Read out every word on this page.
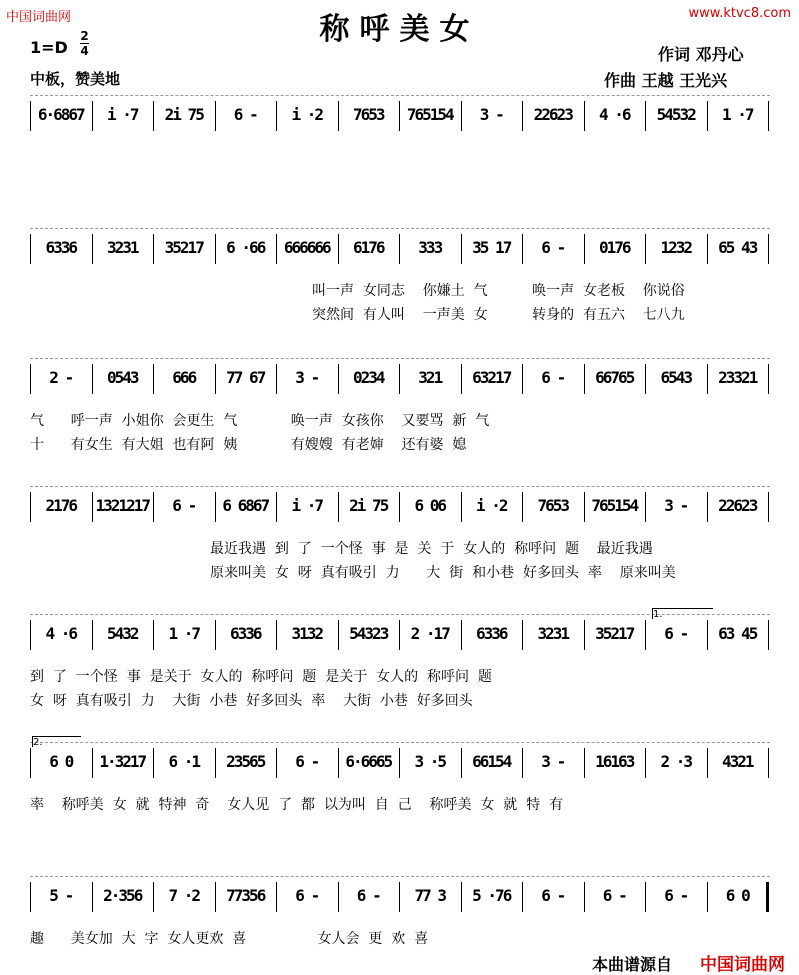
中国词曲网	www.ktvc8.com
称呼美女
1=D
2
4
中板，赞美地
作词 邓丹心
作曲 王越 王光兴
6·6867	i ·7	2i 75	6 -	i ·2	7653	765154	3 -	22623	4 ·6	54532	1 ·7
6336	3231	35217	6 ·66	666666	6176	333	35 17	6 -	0176	1232	65 43
叫一声  女同志    你嫌土  气          唤一声  女老板    你说俗
突然间  有人叫    一声美  女          转身的  有五六    七八九
2 -	0543	666	77 67	3 -	0234	321	63217	6 -	66765	6543	23321
气      呼一声  小姐你  会更生  气            唤一声  女孩你    又要骂  新  气
十      有女生  有大姐  也有阿  姨            有嫂嫂  有老婶    还有婆  媳
2176	1321217	6 -	6 6867	i ·7	2i 75	6 06	i ·2	7653	765154	3 -	22623
最近我遇  到  了  一个怪  事  是  关  于  女人的  称呼问  题    最近我遇
原来叫美  女  呀  真有吸引  力      大  街  和小巷  好多回头  率    原来叫美
4 ·6	5432	1 ·7	6336	3132	54323	2 ·17	6336	3231	35217	6 -	63 45
到  了  一个怪  事  是关于  女人的  称呼问  题  是关于  女人的  称呼问  题
女  呀  真有吸引  力    大街  小巷  好多回头  率    大街  小巷  好多回头
1.
6 0	1·3217	6 ·1	23565	6 -	6·6665	3 ·5	66154	3 -	16163	2 ·3	4321
率    称呼美  女  就  特神  奇    女人见  了  都  以为叫  自  己    称呼美  女  就  特  有
2.
5 -	2·356	7 ·2	77356	6 -	6 -	77 3	5 ·76	6 -	6 -	6 -	6 0
趣      美女加  大  字  女人更欢  喜                女人会  更  欢  喜
本曲谱源自 中国词曲网
